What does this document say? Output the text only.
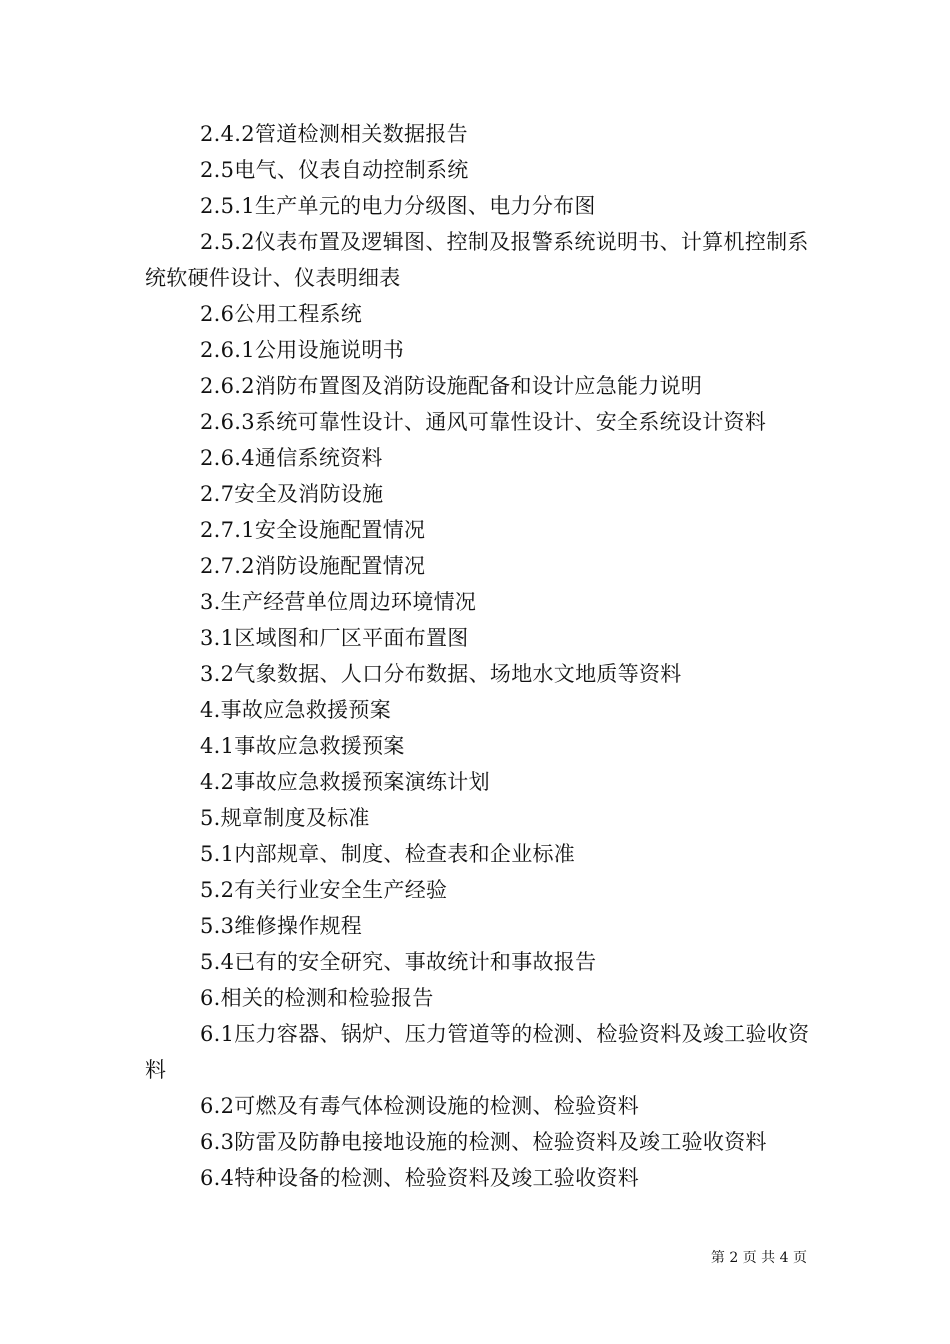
2.4.2管道检测相关数据报告
2.5电气、仪表自动控制系统
2.5.1生产单元的电力分级图、电力分布图
2.5.2仪表布置及逻辑图、控制及报警系统说明书、计算机控制系统软硬件设计、仪表明细表
2.6公用工程系统
2.6.1公用设施说明书
2.6.2消防布置图及消防设施配备和设计应急能力说明
2.6.3系统可靠性设计、通风可靠性设计、安全系统设计资料
2.6.4通信系统资料
2.7安全及消防设施
2.7.1安全设施配置情况
2.7.2消防设施配置情况
3.生产经营单位周边环境情况
3.1区域图和厂区平面布置图
3.2气象数据、人口分布数据、场地水文地质等资料
4.事故应急救援预案
4.1事故应急救援预案
4.2事故应急救援预案演练计划
5.规章制度及标准
5.1内部规章、制度、检查表和企业标准
5.2有关行业安全生产经验
5.3维修操作规程
5.4已有的安全研究、事故统计和事故报告
6.相关的检测和检验报告
6.1压力容器、锅炉、压力管道等的检测、检验资料及竣工验收资料
6.2可燃及有毒气体检测设施的检测、检验资料
6.3防雷及防静电接地设施的检测、检验资料及竣工验收资料
6.4特种设备的检测、检验资料及竣工验收资料
第 2 页 共 4 页
